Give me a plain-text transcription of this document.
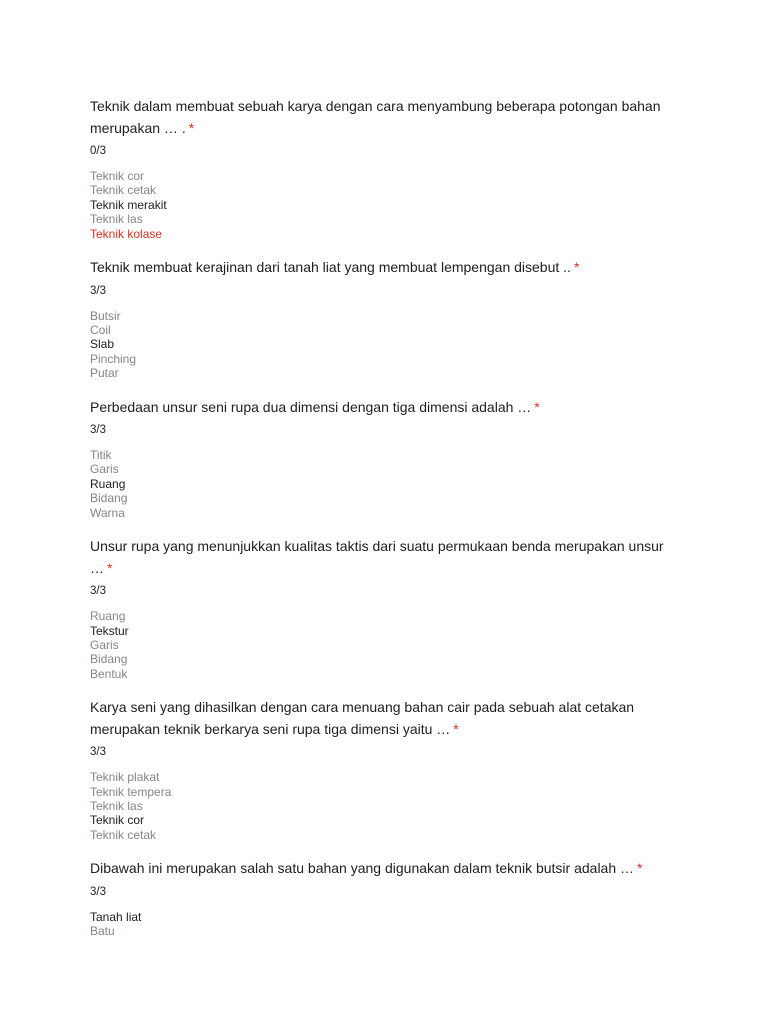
Teknik dalam membuat sebuah karya dengan cara menyambung beberapa potongan bahan merupakan … . *

0/3
Teknik cor
Teknik cetak
Teknik merakit
Teknik las
Teknik kolase

Teknik membuat kerajinan dari tanah liat yang membuat lempengan disebut .. *

3/3
Butsir
Coil
Slab
Pinching
Putar

Perbedaan unsur seni rupa dua dimensi dengan tiga dimensi adalah … *

3/3
Titik
Garis
Ruang
Bidang
Warna

Unsur rupa yang menunjukkan kualitas taktis dari suatu permukaan benda merupakan unsur … *

3/3
Ruang
Tekstur
Garis
Bidang
Bentuk

Karya seni yang dihasilkan dengan cara menuang bahan cair pada sebuah alat cetakan merupakan teknik berkarya seni rupa tiga dimensi yaitu … *

3/3
Teknik plakat
Teknik tempera
Teknik las
Teknik cor
Teknik cetak

Dibawah ini merupakan salah satu bahan yang digunakan dalam teknik butsir adalah … *

3/3
Tanah liat
Batu
